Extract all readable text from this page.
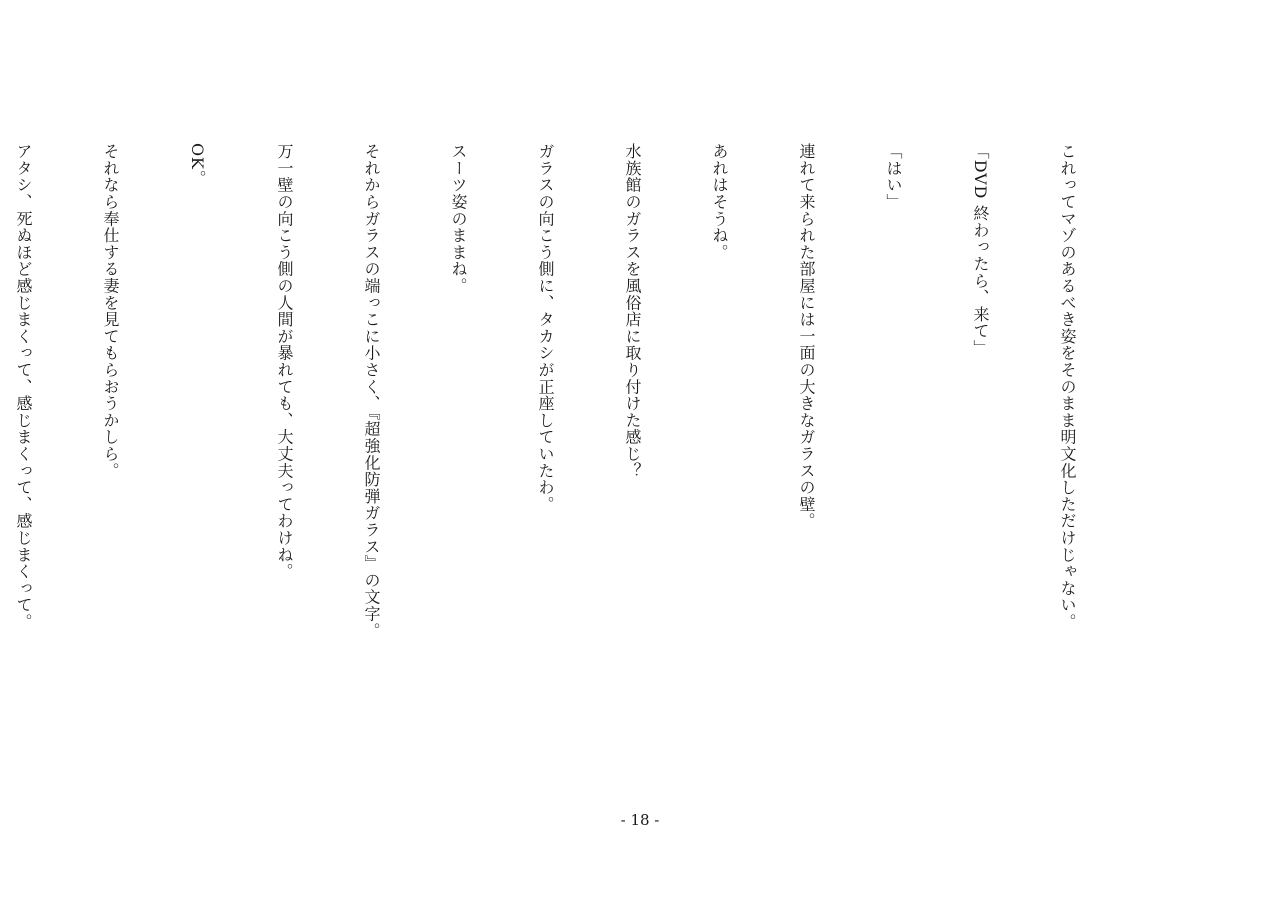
これってマゾのあるべき姿をそのまま明文化しただけじゃない。

「DVD 終わったら、来て」

「はい」

連れて来られた部屋には一面の大きなガラスの壁。

あれはそうね。

水族館のガラスを風俗店に取り付けた感じ？

ガラスの向こう側に、タカシが正座していたわ。

スーツ姿のままね。

それからガラスの端っこに小さく、『超強化防弾ガラス』の文字。

万一壁の向こう側の人間が暴れても、大丈夫ってわけね。

OK。

それなら奉仕する妻を見てもらおうかしら。

アタシ、死ぬほど感じまくって、感じまくって、感じまくって。

- 18 -
